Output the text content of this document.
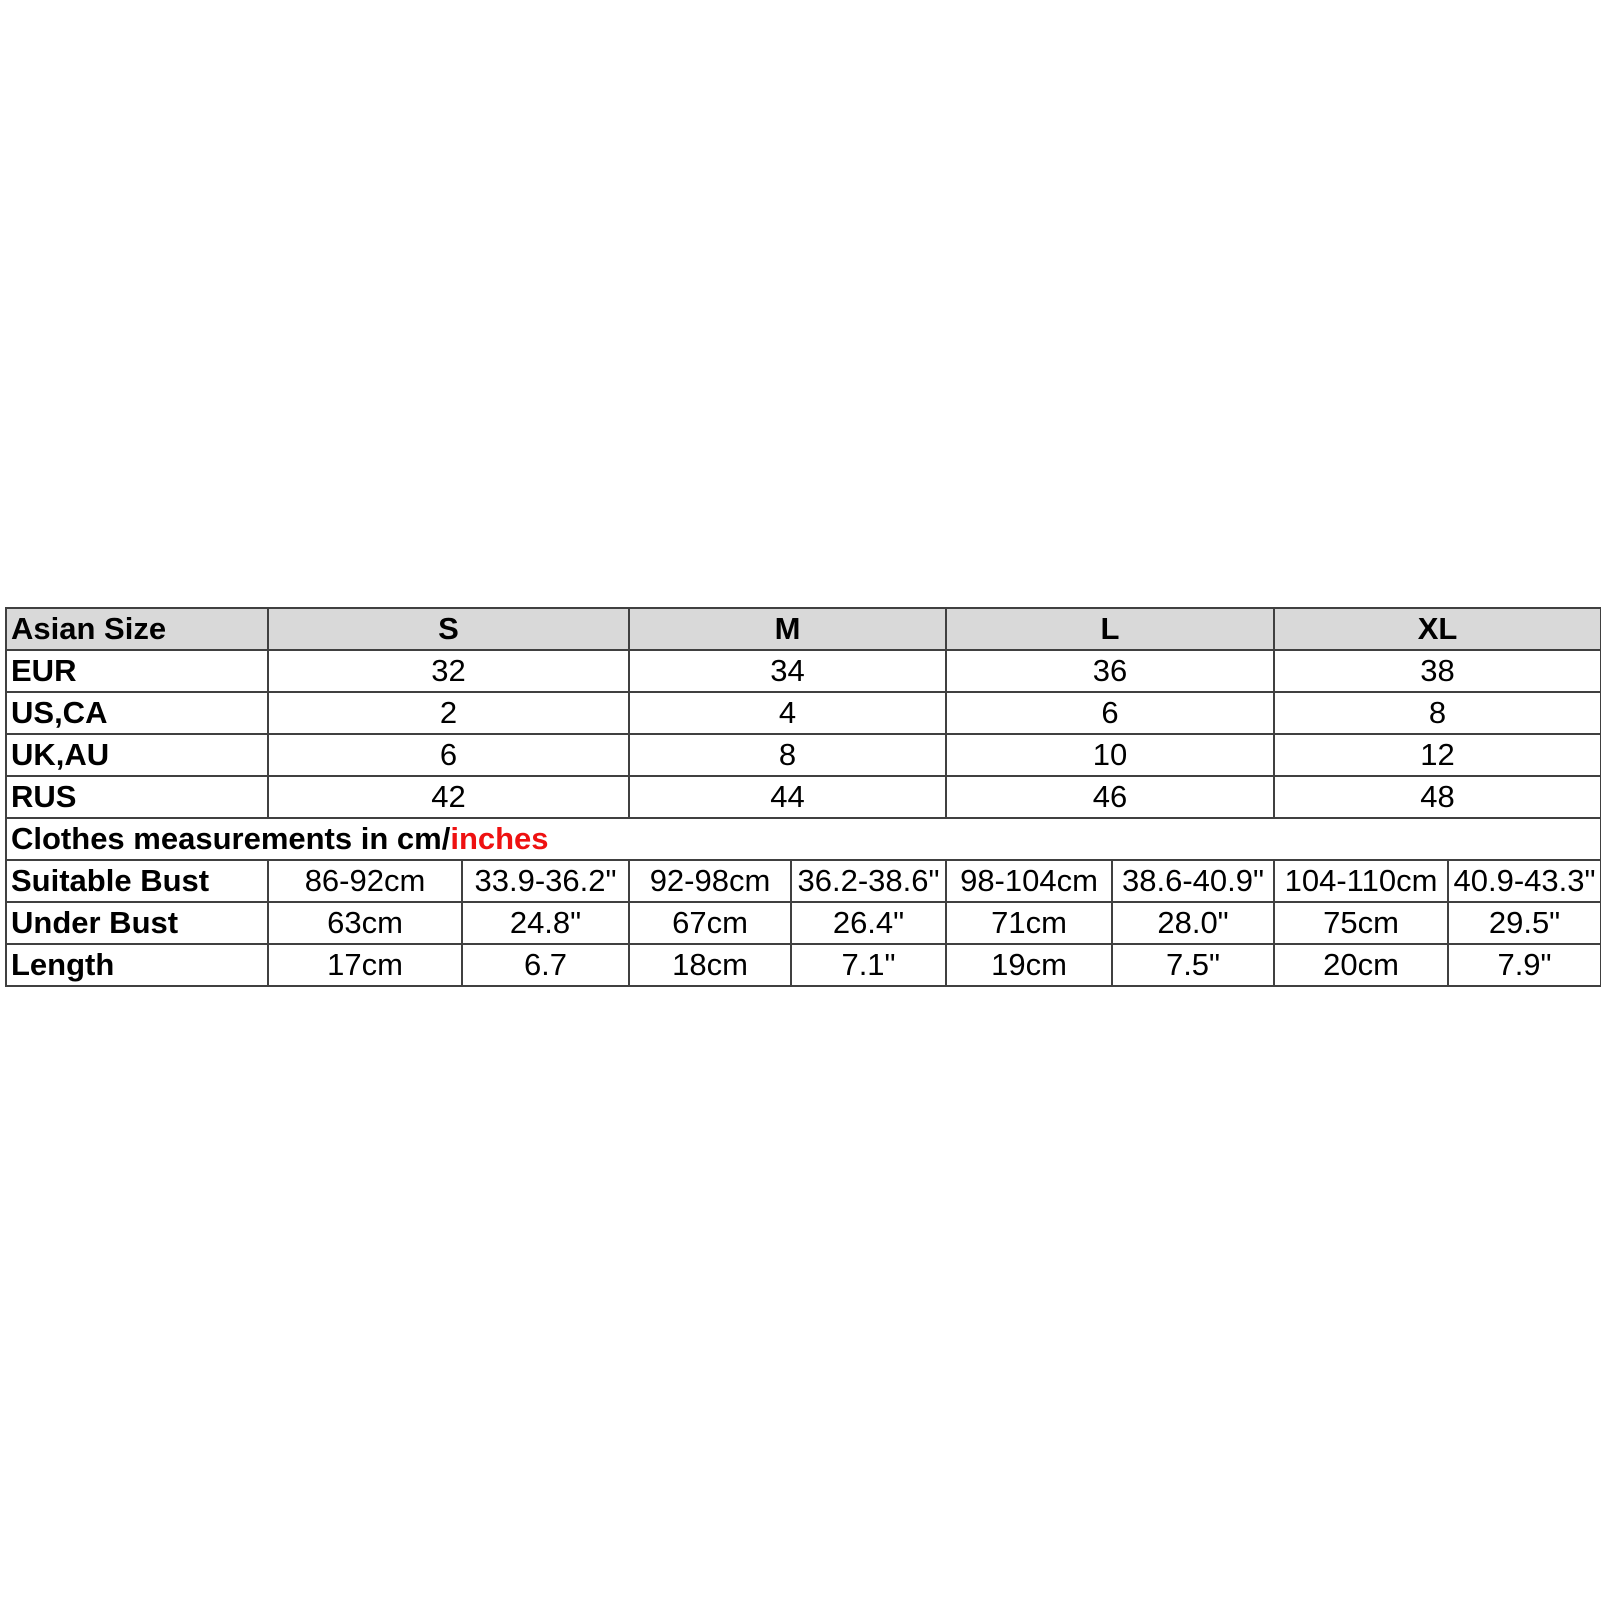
Asian Size	S		M		L		XL	
EUR	32		34		36		38	
US,CA	2		4		6		8	
UK,AU	6		8		10		12	
RUS	42		44		46		48	
Clothes measurements in cm/inches								
Suitable Bust	86-92cm	33.9-36.2"	92-98cm	36.2-38.6"	98-104cm	38.6-40.9"	104-110cm	40.9-43.3"
Under Bust	63cm	24.8"	67cm	26.4"	71cm	28.0"	75cm	29.5"
Length	17cm	6.7	18cm	7.1"	19cm	7.5"	20cm	7.9"
